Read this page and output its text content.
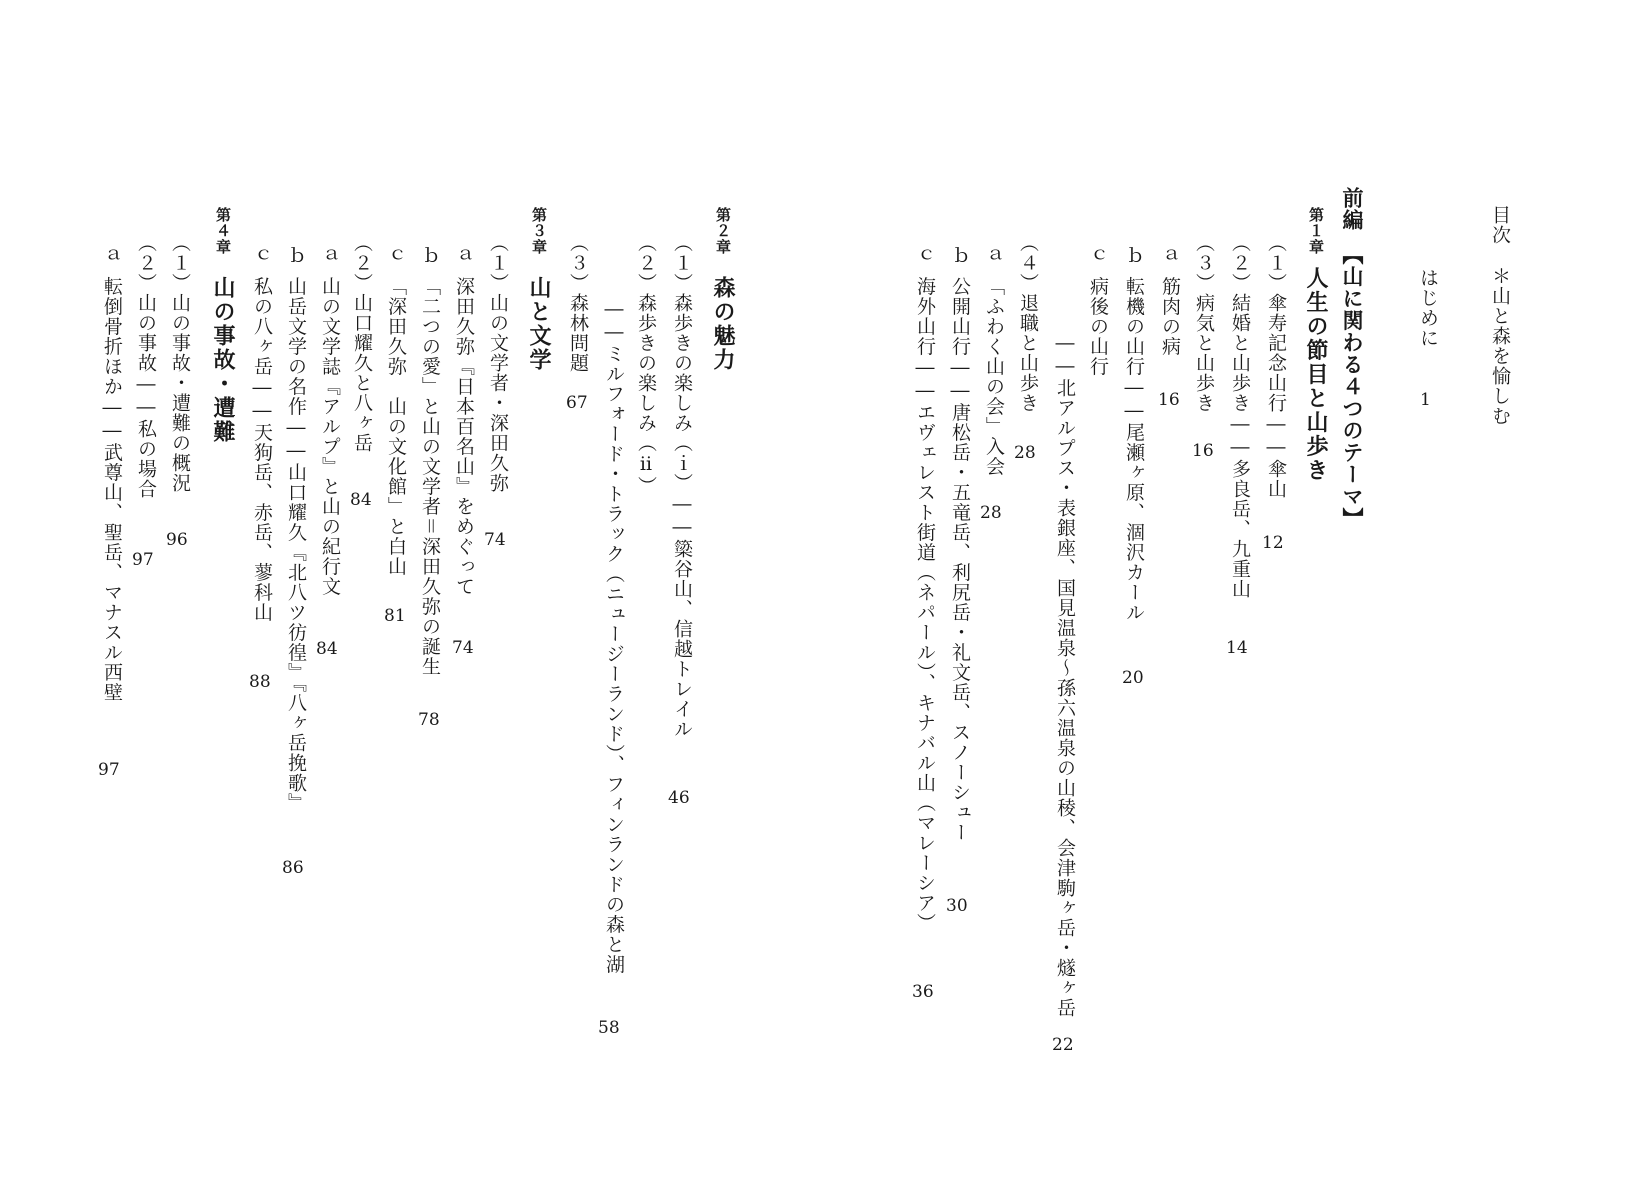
目次＊山と森を愉しむ
はじめに
1
前編【山に関わる４つのテーマ】
第１章人生の節目と山歩き
（１）傘寿記念山行――傘山
12
（２）結婚と山歩き――多良岳、九重山
14
（３）病気と山歩き
16
ａ筋肉の病
16
ｂ転機の山行――尾瀬ヶ原、涸沢カール
20
ｃ病後の山行
――北アルプス・表銀座、国見温泉～孫六温泉の山稜、会津駒ヶ岳・燧ヶ岳
22
（４）退職と山歩き
28
ａ「ふわく山の会」入会
28
ｂ公開山行――唐松岳・五竜岳、利尻岳・礼文岳、スノーシュー
30
ｃ海外山行――エヴェレスト街道（ネパール）、キナバル山（マレーシア）
36
第２章森の魅力
（１）森歩きの楽しみ（ｉ）――簗谷山、信越トレイル
46
（２）森歩きの楽しみ（ⅱ）
――ミルフォード・トラック（ニュージーランド）、フィンランドの森と湖
58
（３）森林問題
67
第３章山と文学
（１）山の文学者・深田久弥
74
ａ深田久弥『日本百名山』をめぐって
74
ｂ「二つの愛」と山の文学者＝深田久弥の誕生
78
ｃ「深田久弥　山の文化館」と白山
81
（２）山口耀久と八ヶ岳
84
ａ山の文学誌『アルプ』と山の紀行文
84
ｂ山岳文学の名作――山口耀久『北八ツ彷徨』『八ヶ岳挽歌』
86
ｃ私の八ヶ岳――天狗岳、赤岳、蓼科山
88
第４章山の事故・遭難
（１）山の事故・遭難の概況
96
（２）山の事故――私の場合
97
ａ転倒骨折ほか――武尊山、聖岳、マナスル西壁
97
